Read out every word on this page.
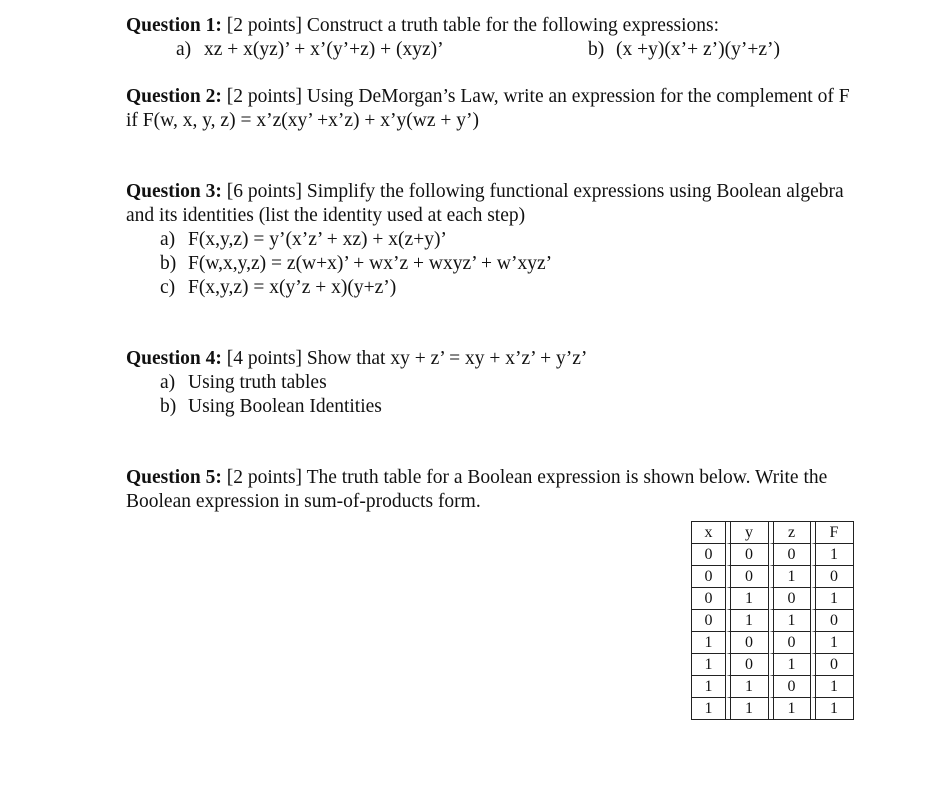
Question 1: [2 points] Construct a truth table for the following expressions:
a) xz + x(yz)’ + x’(y’+z) + (xyz)’	b) (x +y)(x’+ z’)(y’+z’)
Question 2: [2 points] Using DeMorgan’s Law, write an expression for the complement of F
if F(w, x, y, z) = x’z(xy’ +x’z) + x’y(wz + y’)
Question 3: [6 points] Simplify the following functional expressions using Boolean algebra
and its identities (list the identity used at each step)
a) F(x,y,z) = y’(x’z’ + xz) + x(z+y)’
b) F(w,x,y,z) = z(w+x)’ + wx’z + wxyz’ + w’xyz’
c) F(x,y,z) = x(y’z + x)(y+z’)
Question 4: [4 points] Show that xy + z’ = xy + x’z’ + y’z’
a) Using truth tables
b) Using Boolean Identities
Question 5: [2 points] The truth table for a Boolean expression is shown below. Write the
Boolean expression in sum-of-products form.
x	y	z	F
0	0	0	1
0	0	1	0
0	1	0	1
0	1	1	0
1	0	0	1
1	0	1	0
1	1	0	1
1	1	1	1
